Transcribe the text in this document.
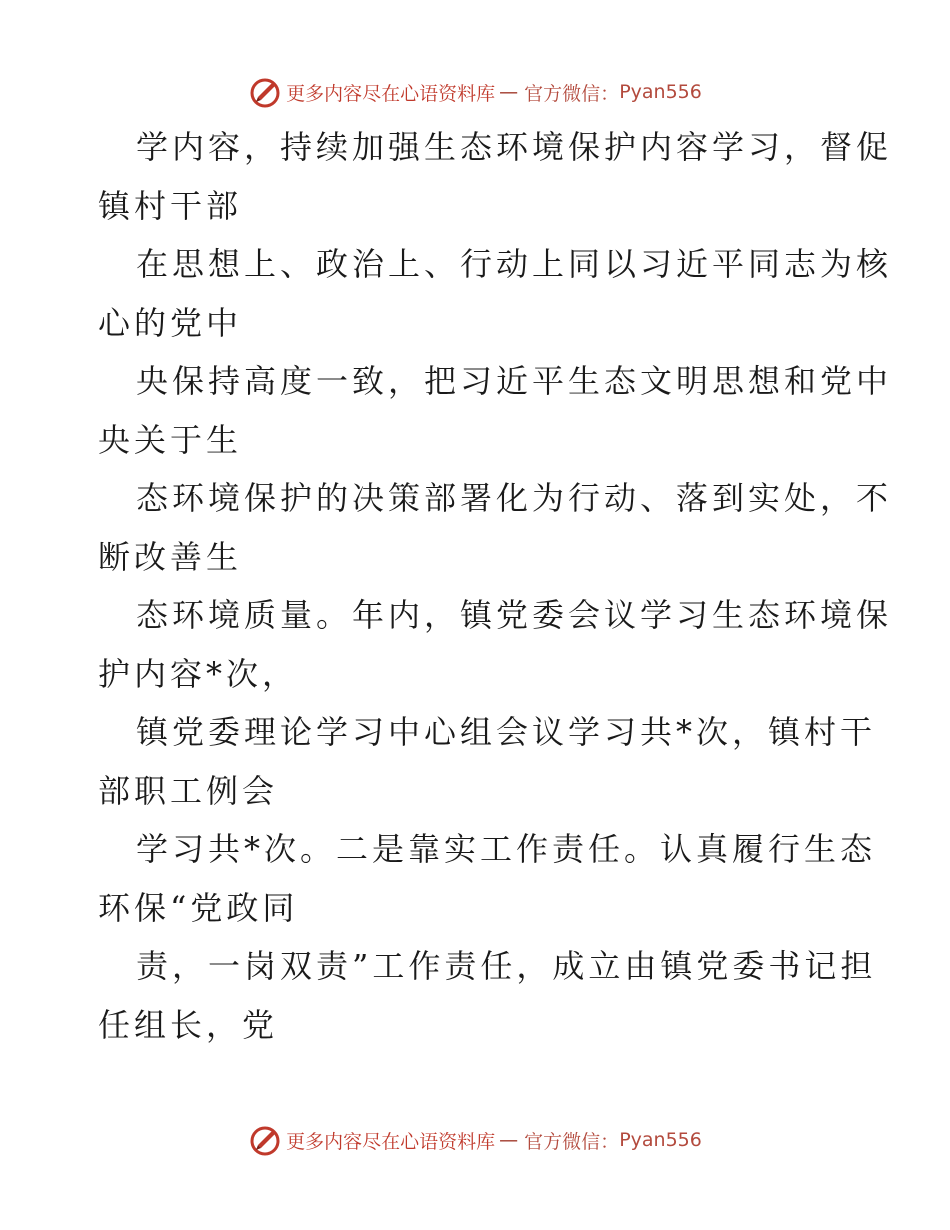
更多内容尽在心语资料库 — 官方微信： Pyan556

学内容，持续加强生态环境保护内容学习，督促
镇村干部

在思想上、政治上、行动上同以习近平同志为核
心的党中

央保持高度一致，把习近平生态文明思想和党中
央关于生

态环境保护的决策部署化为行动、落到实处，不
断改善生

态环境质量。年内，镇党委会议学习生态环境保
护内容*次，

镇党委理论学习中心组会议学习共*次，镇村干
部职工例会

学习共*次。二是靠实工作责任。认真履行生态
环保“党政同

责，一岗双责”工作责任，成立由镇党委书记担
任组长，党

更多内容尽在心语资料库 — 官方微信： Pyan556
